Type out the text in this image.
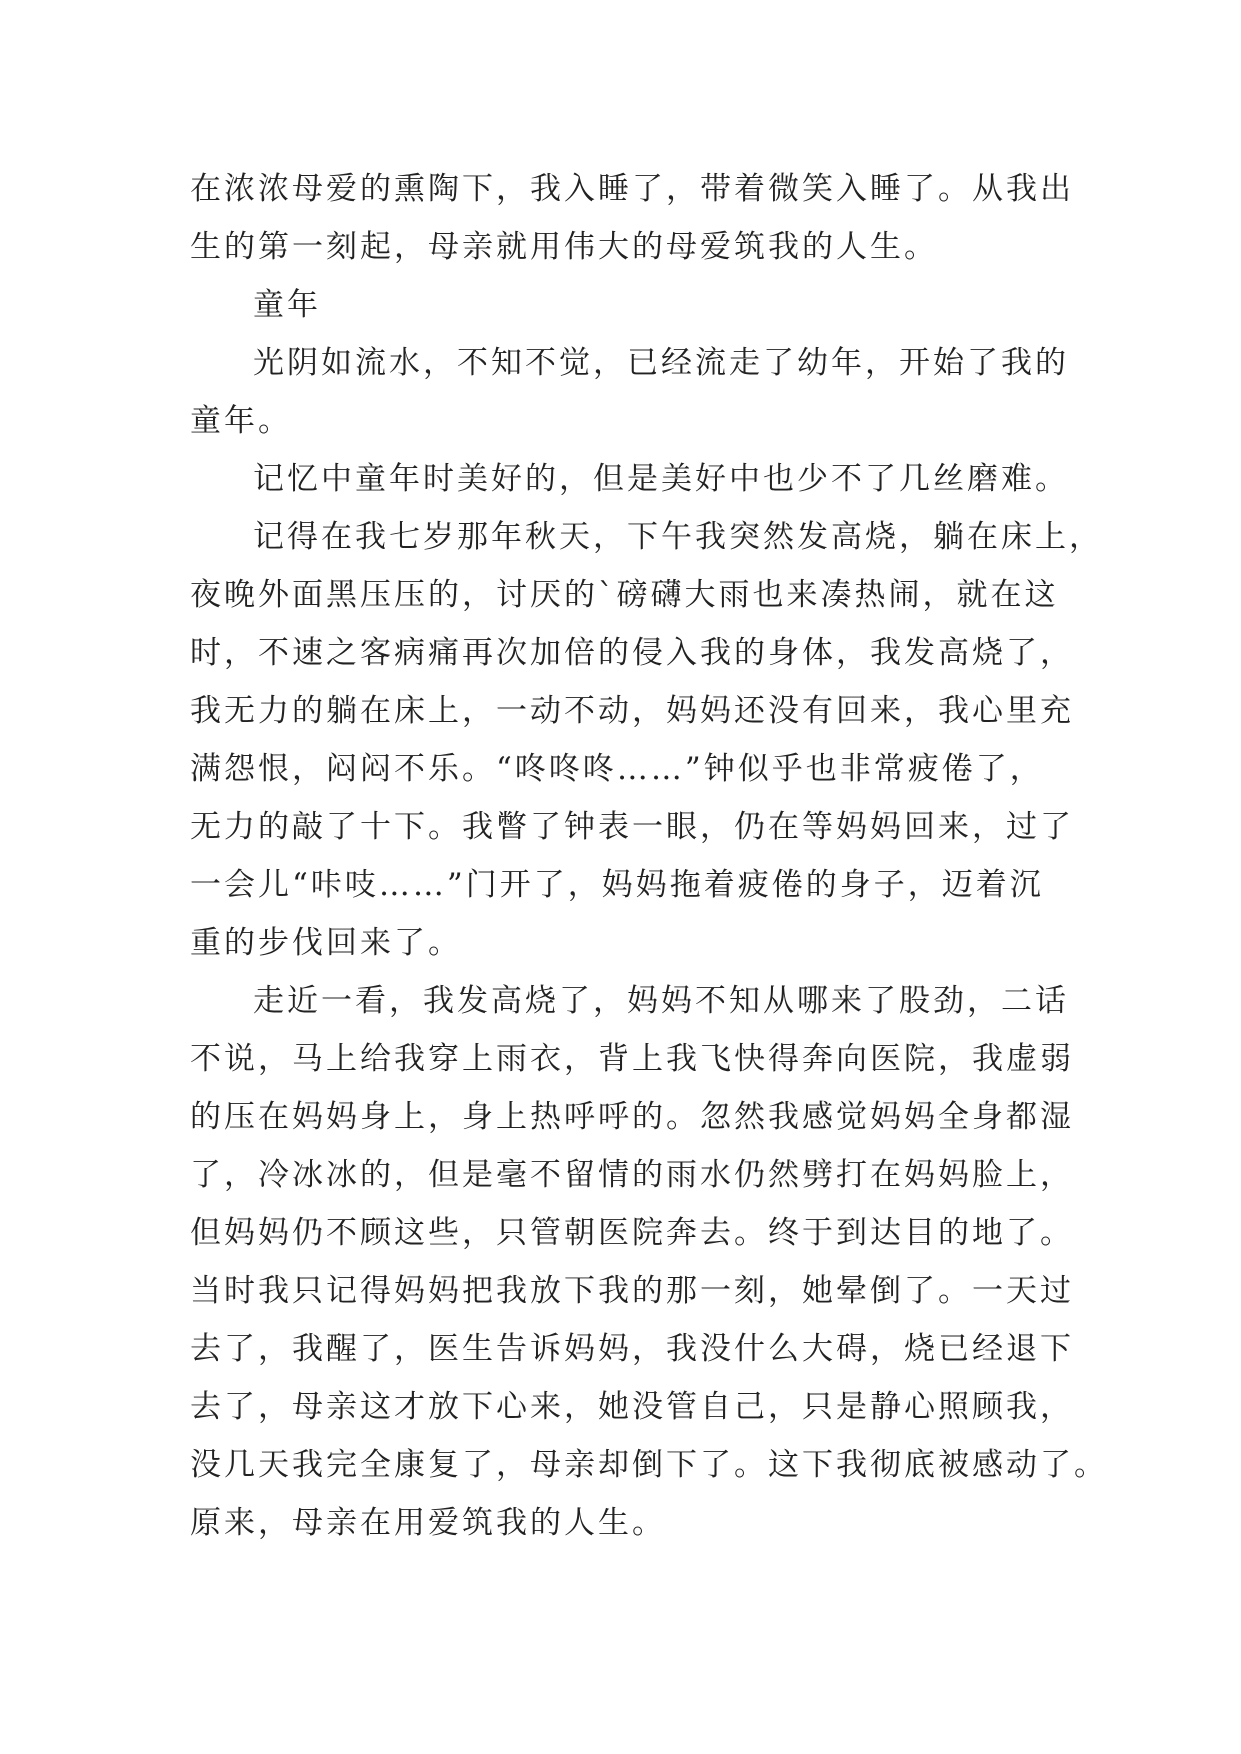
在浓浓母爱的熏陶下，我入睡了，带着微笑入睡了。从我出
生的第一刻起，母亲就用伟大的母爱筑我的人生。
童年
光阴如流水，不知不觉，已经流走了幼年，开始了我的
童年。
记忆中童年时美好的，但是美好中也少不了几丝磨难。
记得在我七岁那年秋天，下午我突然发高烧，躺在床上，
夜晚外面黑压压的，讨厌的`磅礴大雨也来凑热闹，就在这
时，不速之客病痛再次加倍的侵入我的身体，我发高烧了，
我无力的躺在床上，一动不动，妈妈还没有回来，我心里充
满怨恨，闷闷不乐。“咚咚咚……”钟似乎也非常疲倦了，
无力的敲了十下。我瞥了钟表一眼，仍在等妈妈回来，过了
一会儿“咔吱……”门开了，妈妈拖着疲倦的身子，迈着沉
重的步伐回来了。
走近一看，我发高烧了，妈妈不知从哪来了股劲，二话
不说，马上给我穿上雨衣，背上我飞快得奔向医院，我虚弱
的压在妈妈身上，身上热呼呼的。忽然我感觉妈妈全身都湿
了，冷冰冰的，但是毫不留情的雨水仍然劈打在妈妈脸上，
但妈妈仍不顾这些，只管朝医院奔去。终于到达目的地了。
当时我只记得妈妈把我放下我的那一刻，她晕倒了。一天过
去了，我醒了，医生告诉妈妈，我没什么大碍，烧已经退下
去了，母亲这才放下心来，她没管自己，只是静心照顾我，
没几天我完全康复了，母亲却倒下了。这下我彻底被感动了。
原来，母亲在用爱筑我的人生。
